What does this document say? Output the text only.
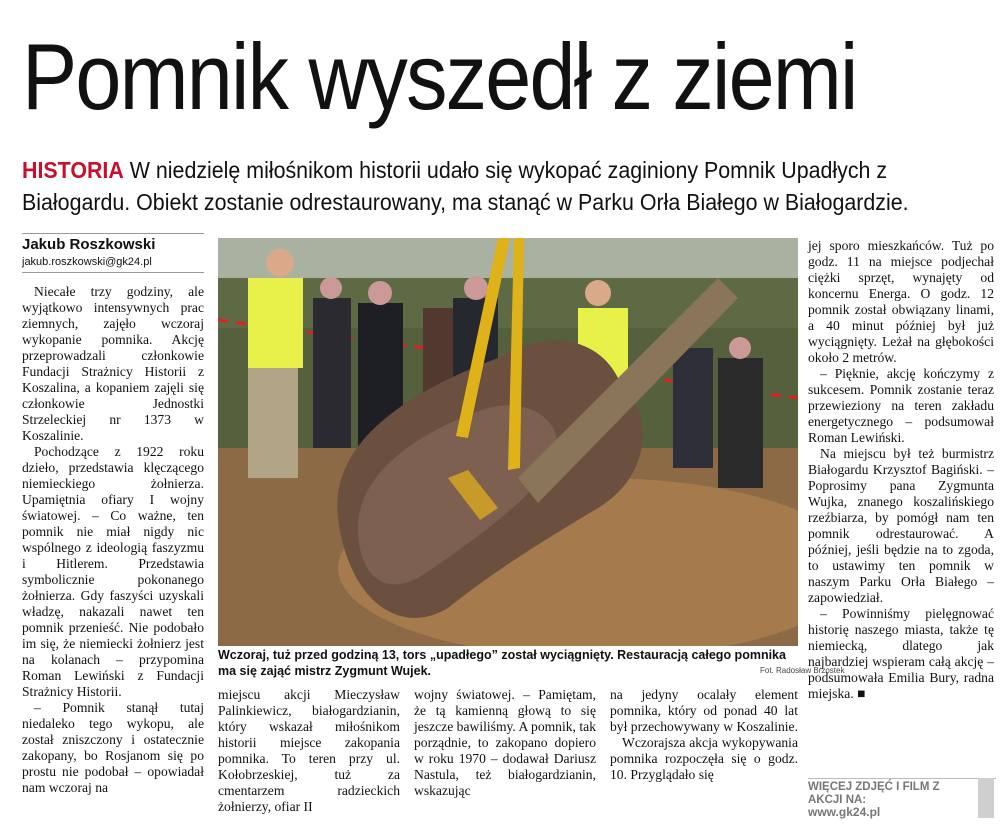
Pomnik wyszedł z ziemi
HISTORIA W niedzielę miłośnikom historii udało się wykopać zaginiony Pomnik Upadłych z Białogardu. Obiekt zostanie odrestaurowany, ma stanąć w Parku Orła Białego w Białogardzie.
Jakub Roszkowski
jakub.roszkowski@gk24.pl

Niecałe trzy godziny, ale wyjątkowo intensywnych prac ziemnych, zajęło wczoraj wykopanie pomnika. Akcję przeprowadzali członkowie Fundacji Strażnicy Historii z Koszalina, a kopaniem zajęli się członkowie Jednostki Strzeleckiej nr 1373 w Koszalinie.

Pochodzące z 1922 roku dzieło, przedstawia klęczącego niemieckiego żołnierza. Upamiętnia ofiary I wojny światowej. – Co ważne, ten pomnik nie miał nigdy nic wspólnego z ideologią faszyzmu i Hitlerem. Przedstawia symbolicznie pokonanego żołnierza. Gdy faszyści uzyskali władzę, nakazali nawet ten pomnik przenieść. Nie podobało im się, że niemiecki żołnierz jest na kolanach – przypomina Roman Lewiński z Fundacji Strażnicy Historii.

– Pomnik stanął tutaj niedaleko tego wykopu, ale został zniszczony i ostatecznie zakopany, bo Rosjanom się po prostu nie podobał – opowiadał nam wczoraj na

Wczoraj, tuż przed godziną 13, tors „upadłego” został wyciągnięty. Restauracją całego pomnika ma się zająć mistrz Zygmunt Wujek.	Fot. Radosław Brzostek

miejscu akcji Mieczysław Palinkiewicz, białogardzianin, który wskazał miłośnikom historii miejsce zakopania pomnika. To teren przy ul. Kołobrzeskiej, tuż za cmentarzem radzieckich żołnierzy, ofiar II

wojny światowej. – Pamiętam, że tą kamienną głową to się jeszcze bawiliśmy. A pomnik, tak porządnie, to zakopano dopiero w roku 1970 – dodawał Dariusz Nastula, też białogardzianin, wskazując

na jedyny ocalały element pomnika, który od ponad 40 lat był przechowywany w Koszalinie.

Wczorajsza akcja wykopywania pomnika rozpoczęła się o godz. 10. Przyglądało się

jej sporo mieszkańców. Tuż po godz. 11 na miejsce podjechał ciężki sprzęt, wynajęty od koncernu Energa. O godz. 12 pomnik został obwiązany linami, a 40 minut później był już wyciągnięty. Leżał na głębokości około 2 metrów.

– Pięknie, akcję kończymy z sukcesem. Pomnik zostanie teraz przewieziony na teren zakładu energetycznego – podsumował Roman Lewiński.

Na miejscu był też burmistrz Białogardu Krzysztof Bagiński. – Poprosimy pana Zygmunta Wujka, znanego koszalińskiego rzeźbiarza, by pomógł nam ten pomnik odrestaurować. A później, jeśli będzie na to zgoda, to ustawimy ten pomnik w naszym Parku Orła Białego – zapowiedział.

– Powinniśmy pielęgnować historię naszego miasta, także tę niemiecką, dlatego jak najbardziej wspieram całą akcję – podsumowała Emilia Bury, radna miejska. ■

WIĘCEJ ZDJĘĆ I FILM Z AKCJI NA:
www.gk24.pl
